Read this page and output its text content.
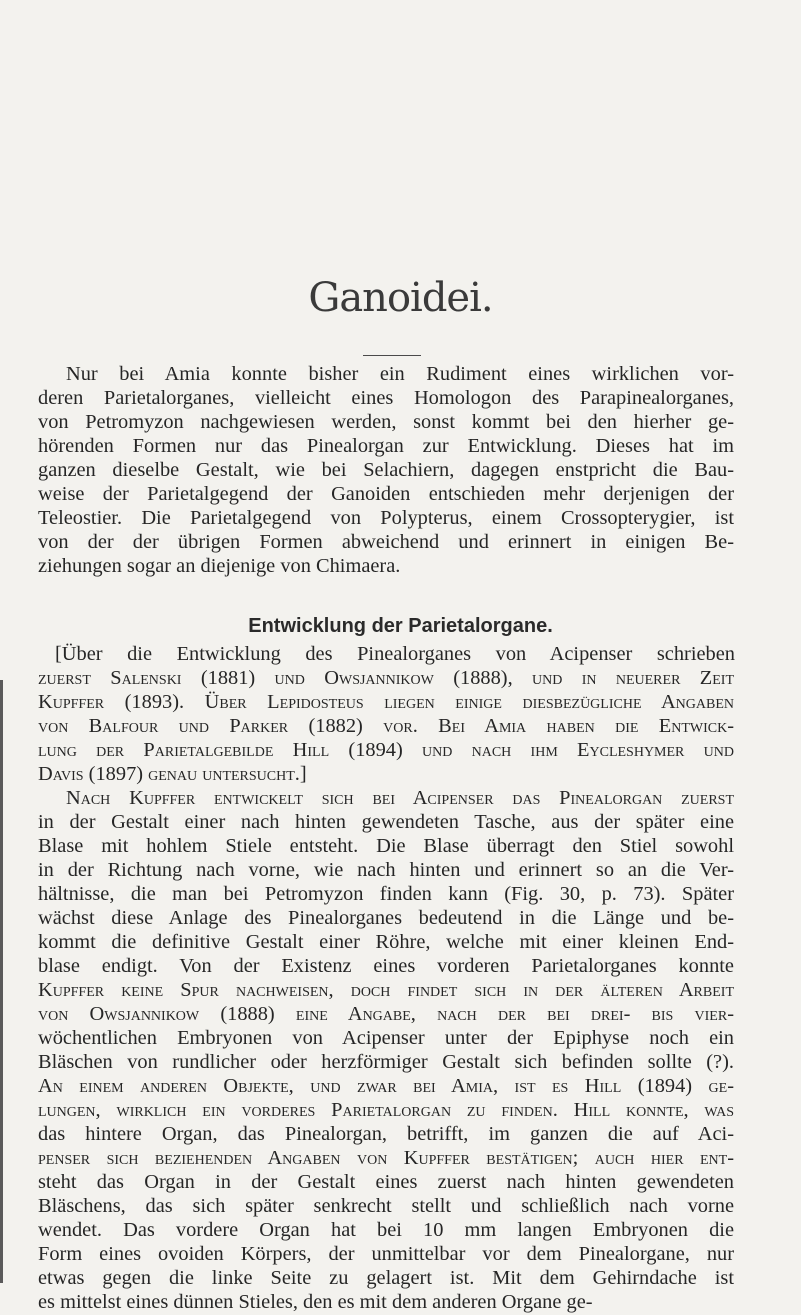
Ganoidei.
Nur bei Amia konnte bisher ein Rudiment eines wirklichen vor-
deren Parietalorganes, vielleicht eines Homologon des Parapinealorganes,
von Petromyzon nachgewiesen werden, sonst kommt bei den hierher ge-
hörenden Formen nur das Pinealorgan zur Entwicklung. Dieses hat im
ganzen dieselbe Gestalt, wie bei Selachiern, dagegen enstpricht die Bau-
weise der Parietalgegend der Ganoiden entschieden mehr derjenigen der
Teleostier. Die Parietalgegend von Polypterus, einem Crossopterygier, ist
von der der übrigen Formen abweichend und erinnert in einigen Be-
ziehungen sogar an diejenige von Chimaera.
Entwicklung der Parietalorgane.
[Über die Entwicklung des Pinealorganes von Acipenser schrieben
zuerst Salenski (1881) und Owsjannikow (1888), und in neuerer Zeit
Kupffer (1893). Über Lepidosteus liegen einige diesbezügliche Angaben
von Balfour und Parker (1882) vor. Bei Amia haben die Entwick-
lung der Parietalgebilde Hill (1894) und nach ihm Eycleshymer und
Davis (1897) genau untersucht.]
Nach Kupffer entwickelt sich bei Acipenser das Pinealorgan zuerst
in der Gestalt einer nach hinten gewendeten Tasche, aus der später eine
Blase mit hohlem Stiele entsteht. Die Blase überragt den Stiel sowohl
in der Richtung nach vorne, wie nach hinten und erinnert so an die Ver-
hältnisse, die man bei Petromyzon finden kann (Fig. 30, p. 73). Später
wächst diese Anlage des Pinealorganes bedeutend in die Länge und be-
kommt die definitive Gestalt einer Röhre, welche mit einer kleinen End-
blase endigt. Von der Existenz eines vorderen Parietalorganes konnte
Kupffer keine Spur nachweisen, doch findet sich in der älteren Arbeit
von Owsjannikow (1888) eine Angabe, nach der bei drei- bis vier-
wöchentlichen Embryonen von Acipenser unter der Epiphyse noch ein
Bläschen von rundlicher oder herzförmiger Gestalt sich befinden sollte (?).
An einem anderen Objekte, und zwar bei Amia, ist es Hill (1894) ge-
lungen, wirklich ein vorderes Parietalorgan zu finden. Hill konnte, was
das hintere Organ, das Pinealorgan, betrifft, im ganzen die auf Aci-
penser sich beziehenden Angaben von Kupffer bestätigen; auch hier ent-
steht das Organ in der Gestalt eines zuerst nach hinten gewendeten
Bläschens, das sich später senkrecht stellt und schließlich nach vorne
wendet. Das vordere Organ hat bei 10 mm langen Embryonen die
Form eines ovoiden Körpers, der unmittelbar vor dem Pinealorgane, nur
etwas gegen die linke Seite zu gelagert ist. Mit dem Gehirndache ist
es mittelst eines dünnen Stieles, den es mit dem anderen Organe ge-
